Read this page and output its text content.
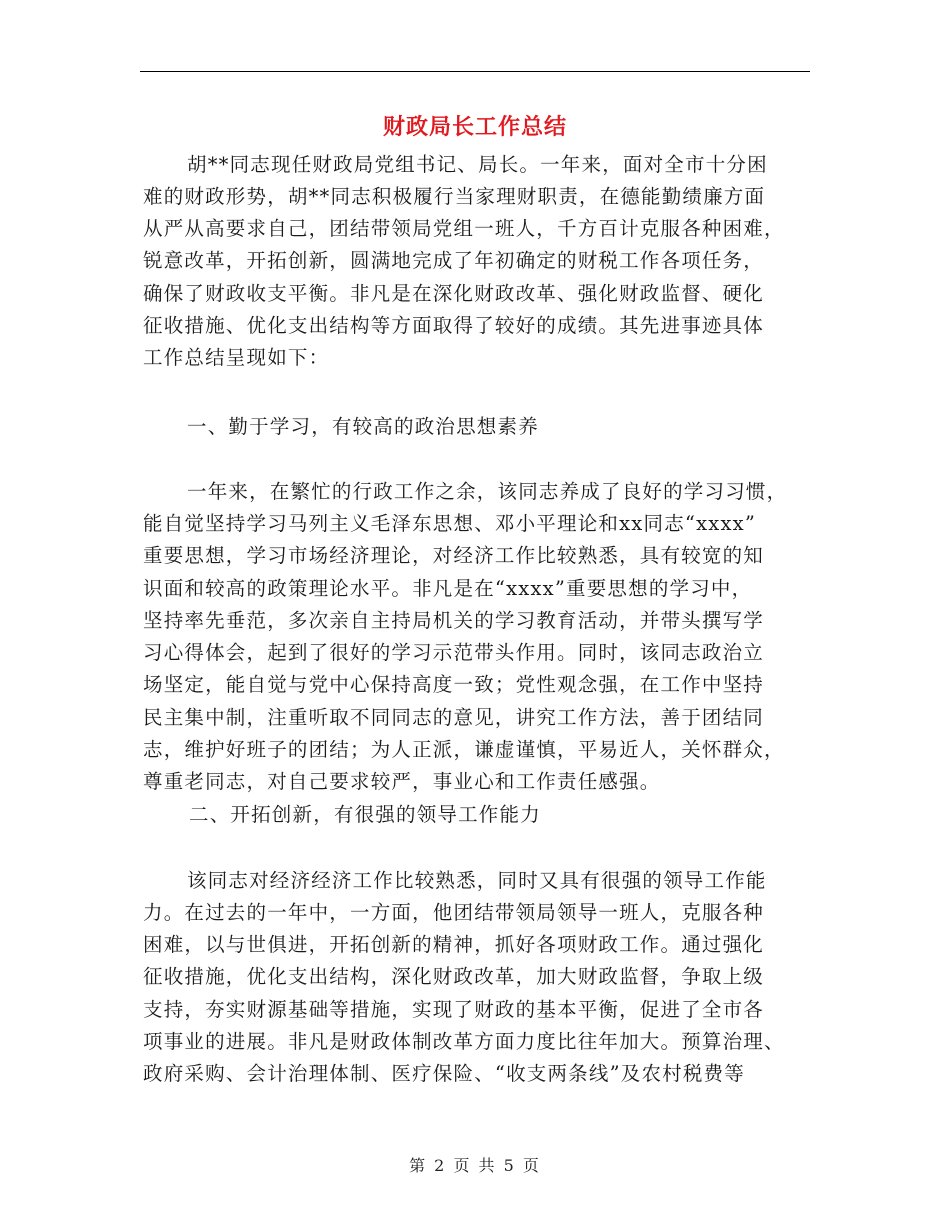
财政局长工作总结
胡**同志现任财政局党组书记、局长。一年来，面对全市十分困
难的财政形势，胡**同志积极履行当家理财职责，在德能勤绩廉方面
从严从高要求自己，团结带领局党组一班人，千方百计克服各种困难，
锐意改革，开拓创新，圆满地完成了年初确定的财税工作各项任务，
确保了财政收支平衡。非凡是在深化财政改革、强化财政监督、硬化
征收措施、优化支出结构等方面取得了较好的成绩。其先进事迹具体
工作总结呈现如下：
一、勤于学习，有较高的政治思想素养
一年来，在繁忙的行政工作之余，该同志养成了良好的学习习惯，
能自觉坚持学习马列主义毛泽东思想、邓小平理论和xx同志“xxxx”
重要思想，学习市场经济理论，对经济工作比较熟悉，具有较宽的知
识面和较高的政策理论水平。非凡是在“xxxx”重要思想的学习中，
坚持率先垂范，多次亲自主持局机关的学习教育活动，并带头撰写学
习心得体会，起到了很好的学习示范带头作用。同时，该同志政治立
场坚定，能自觉与党中心保持高度一致；党性观念强，在工作中坚持
民主集中制，注重听取不同同志的意见，讲究工作方法，善于团结同
志，维护好班子的团结；为人正派，谦虚谨慎，平易近人，关怀群众，
尊重老同志，对自己要求较严，事业心和工作责任感强。
二、开拓创新，有很强的领导工作能力
该同志对经济经济工作比较熟悉，同时又具有很强的领导工作能
力。在过去的一年中，一方面，他团结带领局领导一班人，克服各种
困难，以与世俱进，开拓创新的精神，抓好各项财政工作。通过强化
征收措施，优化支出结构，深化财政改革，加大财政监督，争取上级
支持，夯实财源基础等措施，实现了财政的基本平衡，促进了全市各
项事业的进展。非凡是财政体制改革方面力度比往年加大。预算治理、
政府采购、会计治理体制、医疗保险、“收支两条线”及农村税费等
第 2 页 共 5 页
